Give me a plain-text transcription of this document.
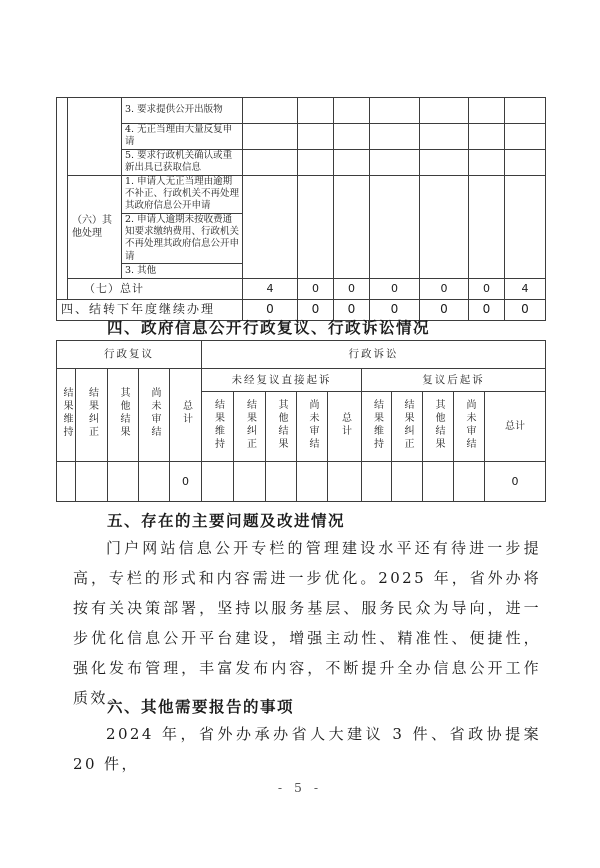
		3. 要求提供公开出版物							
		4. 无正当理由大量反复申请							
		5. 要求行政机关确认或重新出具已获取信息							
	（六）其他处理	1. 申请人无正当理由逾期不补正、行政机关不再处理其政府信息公开申请							
		2. 申请人逾期未按收费通知要求缴纳费用、行政机关不再处理其政府信息公开申请							
		3. 其他							
	（七）总计		4	0	0	0	0	0	4
四、结转下年度继续办理			0	0	0	0	0	0	0
四、政府信息公开行政复议、行政诉讼情况
行政复议					行政诉讼									
结果维持	结果纠正	其他结果	尚未审结	总计	未经复议直接起诉					复议后起诉				
					结果维持	结果纠正	其他结果	尚未审结	总计	结果维持	结果纠正	其他结果	尚未审结	总计
				0										0
五、存在的主要问题及改进情况
门户网站信息公开专栏的管理建设水平还有待进一步提高，专栏的形式和内容需进一步优化。2025 年，省外办将按有关决策部署，坚持以服务基层、服务民众为导向，进一步优化信息公开平台建设，增强主动性、精准性、便捷性，强化发布管理，丰富发布内容，不断提升全办信息公开工作质效。
六、其他需要报告的事项
2024 年，省外办承办省人大建议 3 件、省政协提案 20 件，
- 5 -
